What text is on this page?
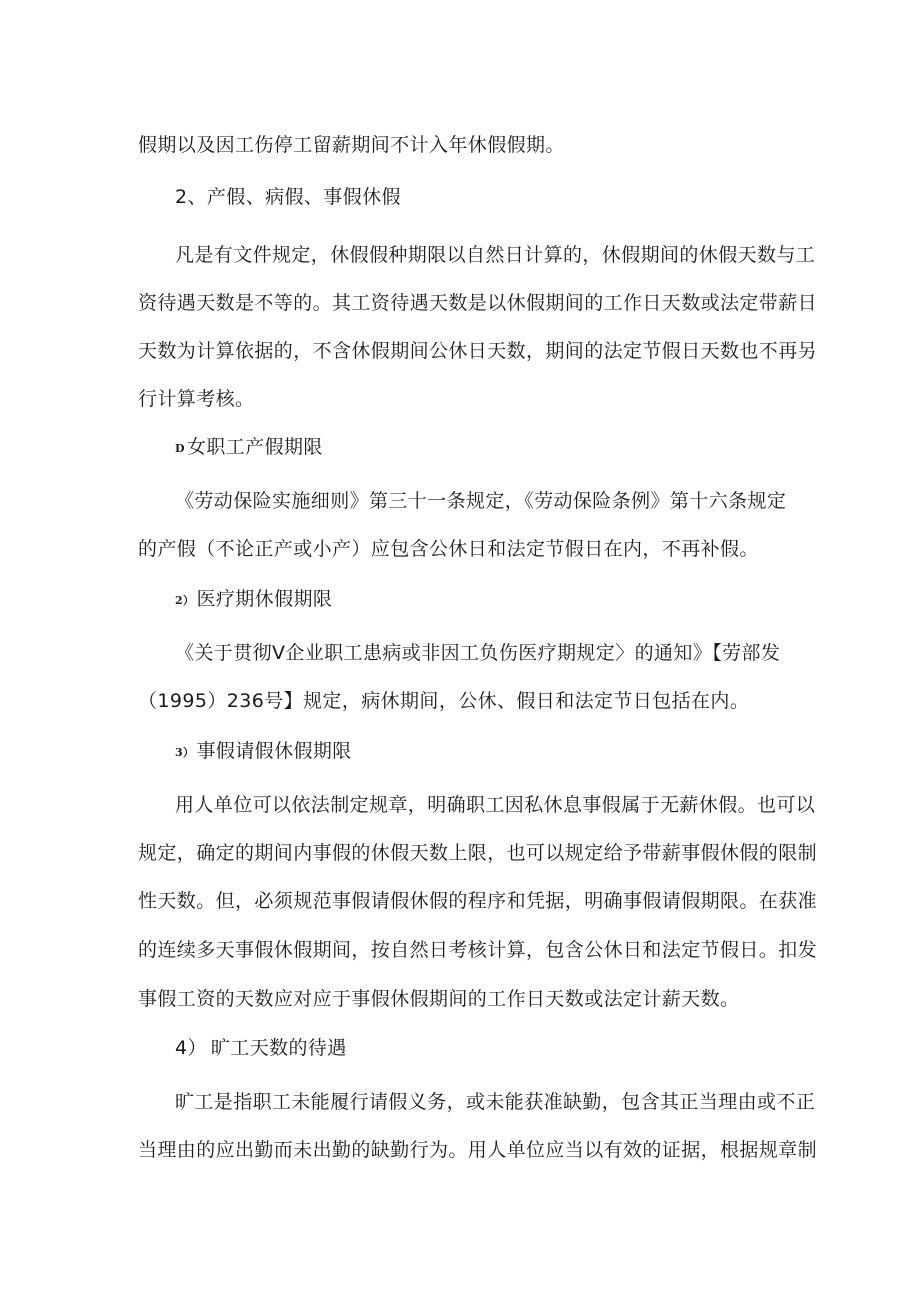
假期以及因工伤停工留薪期间不计入年休假假期。
2、产假、病假、事假休假
凡是有文件规定，休假假种期限以自然日计算的，休假期间的休假天数与工
资待遇天数是不等的。其工资待遇天数是以休假期间的工作日天数或法定带薪日
天数为计算依据的，不含休假期间公休日天数，期间的法定节假日天数也不再另
行计算考核。
D 女职工产假期限
《劳动保险实施细则》第三十一条规定，《劳动保险条例》第十六条规定
的产假（不论正产或小产）应包含公休日和法定节假日在内，不再补假。
2） 医疗期休假期限
《关于贯彻V企业职工患病或非因工负伤医疗期规定〉的通知》【劳部发
（1995）236号】规定，病休期间，公休、假日和法定节日包括在内。
3） 事假请假休假期限
用人单位可以依法制定规章，明确职工因私休息事假属于无薪休假。也可以
规定，确定的期间内事假的休假天数上限，也可以规定给予带薪事假休假的限制
性天数。但，必须规范事假请假休假的程序和凭据，明确事假请假期限。在获准
的连续多天事假休假期间，按自然日考核计算，包含公休日和法定节假日。扣发
事假工资的天数应对应于事假休假期间的工作日天数或法定计薪天数。
4） 旷工天数的待遇
旷工是指职工未能履行请假义务，或未能获准缺勤，包含其正当理由或不正
当理由的应出勤而未出勤的缺勤行为。用人单位应当以有效的证据，根据规章制
